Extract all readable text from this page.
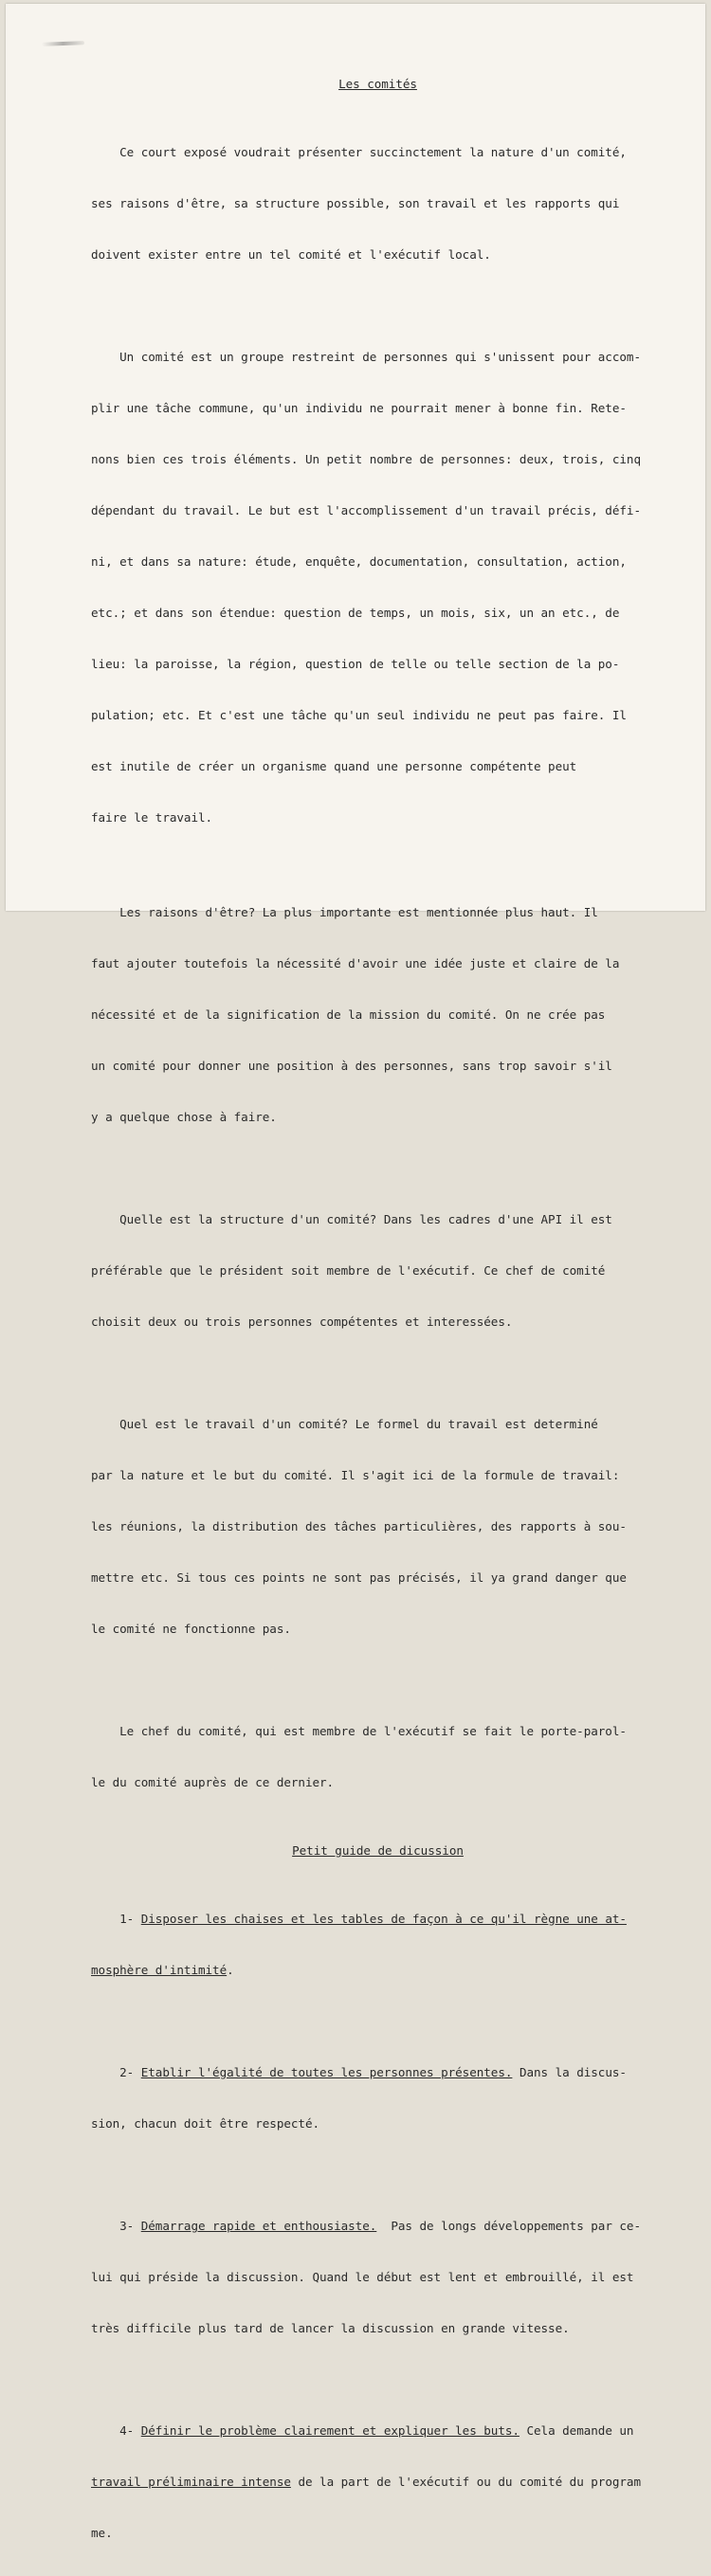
Les comités

Ce court exposé voudrait présenter succinctement la nature d'un comité,

ses raisons d'être, sa structure possible, son travail et les rapports qui

doivent exister entre un tel comité et l'exécutif local.

Un comité est un groupe restreint de personnes qui s'unissent pour accom-

plir une tâche commune, qu'un individu ne pourrait mener à bonne fin. Rete-

nons bien ces trois éléments. Un petit nombre de personnes: deux, trois, cinq

dépendant du travail. Le but est l'accomplissement d'un travail précis, défi-

ni, et dans sa nature: étude, enquête, documentation, consultation, action,

etc.; et dans son étendue: question de temps, un mois, six, un an etc., de

lieu: la paroisse, la région, question de telle ou telle section de la po-

pulation; etc. Et c'est une tâche qu'un seul individu ne peut pas faire. Il

est inutile de créer un organisme quand une personne compétente peut

faire le travail.

Les raisons d'être? La plus importante est mentionnée plus haut. Il

faut ajouter toutefois la nécessité d'avoir une idée juste et claire de la

nécessité et de la signification de la mission du comité. On ne crée pas

un comité pour donner une position à des personnes, sans trop savoir s'il

y a quelque chose à faire.

Quelle est la structure d'un comité? Dans les cadres d'une API il est

préférable que le président soit membre de l'exécutif. Ce chef de comité

choisit deux ou trois personnes compétentes et interessées.

Quel est le travail d'un comité? Le formel du travail est determiné

par la nature et le but du comité. Il s'agit ici de la formule de travail:

les réunions, la distribution des tâches particulières, des rapports à sou-

mettre etc. Si tous ces points ne sont pas précisés, il ya grand danger que

le comité ne fonctionne pas.

Le chef du comité, qui est membre de l'exécutif se fait le porte-parol-

le du comité auprès de ce dernier.

Petit guide de dicussion

1- Disposer les chaises et les tables de façon à ce qu'il règne une at-

mosphère d'intimité.

2- Etablir l'égalité de toutes les personnes présentes. Dans la discus-

sion, chacun doit être respecté.

3- Démarrage rapide et enthousiaste.  Pas de longs développements par ce-

lui qui préside la discussion. Quand le début est lent et embrouillé, il est

très difficile plus tard de lancer la discussion en grande vitesse.

4- Définir le problème clairement et expliquer les buts. Cela demande un

travail préliminaire intense de la part de l'exécutif ou du comité du program

me.
